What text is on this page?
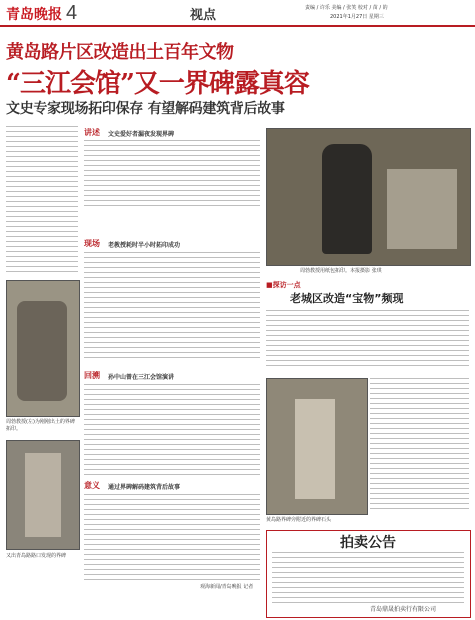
青岛晚报 4	视点	责编 / 许乐 美编 / 张笑 校对 / 苗 / 的
2021年1月27日 星期三
黄岛路片区改造出土百年文物
“三江会馆”又一界碑露真容
文史专家现场拓印保存 有望解码建筑背后故事
周勃教授(左)为刚刚出土的界碑拓印。
又出青岛路路口发现的界碑
讲述 文史爱好者漏夜发现界碑
现场 老教授耗时半小时拓印成功
回溯 孙中山曾在三江会馆演讲
意义 通过界碑解码建筑背后故事
观海新闻/青岛晚报 记者
周勃教授用纸包拓印。本报摄影 张琪
■探访一点
老城区改造“宝物”频现
黄岛路界碑旁附近的界碑石头
拍卖公告
青岛鼎晟拍卖行有限公司
